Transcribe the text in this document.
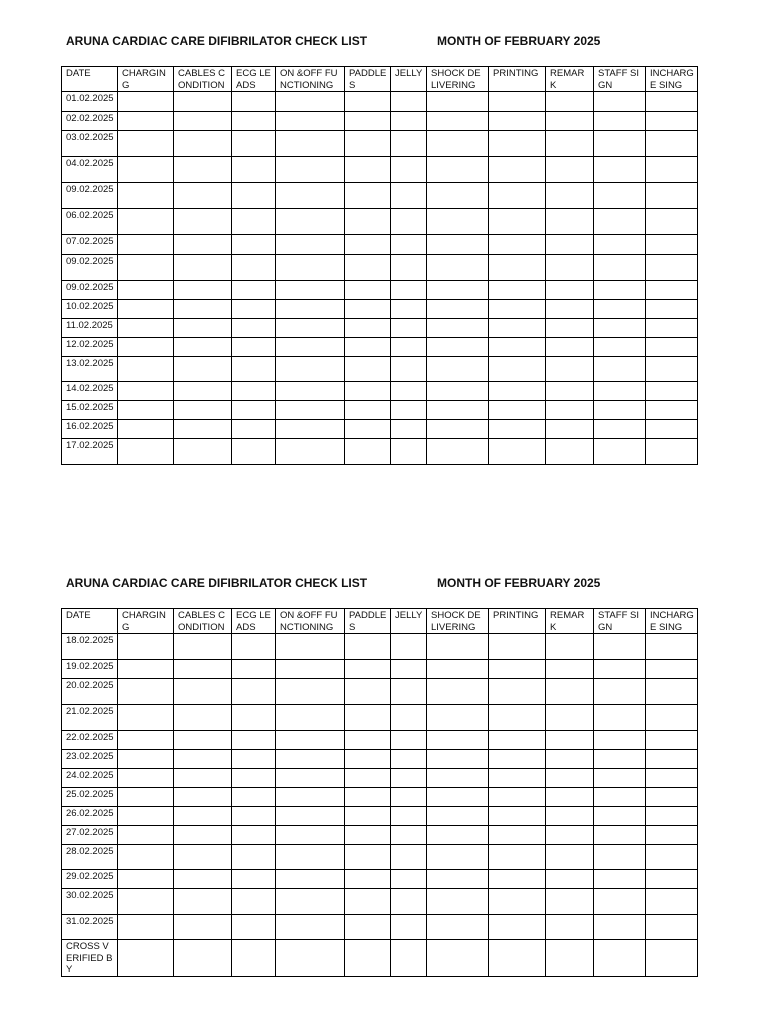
ARUNA CARDIAC CARE DIFIBRILATOR CHECK LIST	MONTH OF FEBRUARY 2025
DATE	CHARGING	CABLES CONDITION	ECG LEADS	ON &OFF FUNCTIONING	PADDLE S	JELLY	SHOCK DELIVERING	PRINTING	REMARK	STAFF SIGN	INCHARGE SING
01.02.2025											
02.02.2025											
03.02.2025											
04.02.2025											
09.02.2025											
06.02.2025											
07.02.2025											
09.02.2025											
09.02.2025											
10.02.2025											
11.02.2025											
12.02.2025											
13.02.2025											
14.02.2025											
15.02.2025											
16.02.2025											
17.02.2025											
ARUNA CARDIAC CARE DIFIBRILATOR CHECK LIST	MONTH OF FEBRUARY 2025
DATE	CHARGING	CABLES CONDITION	ECG LEADS	ON &OFF FUNCTIONING	PADDLE S	JELLY	SHOCK DELIVERING	PRINTING	REMARK	STAFF SIGN	INCHARGE SING
18.02.2025											
19.02.2025											
20.02.2025											
21.02.2025											
22.02.2025											
23.02.2025											
24.02.2025											
25.02.2025											
26.02.2025											
27.02.2025											
28.02.2025											
29.02.2025											
30.02.2025											
31.02.2025											
CROSS VERIFIED BY											
